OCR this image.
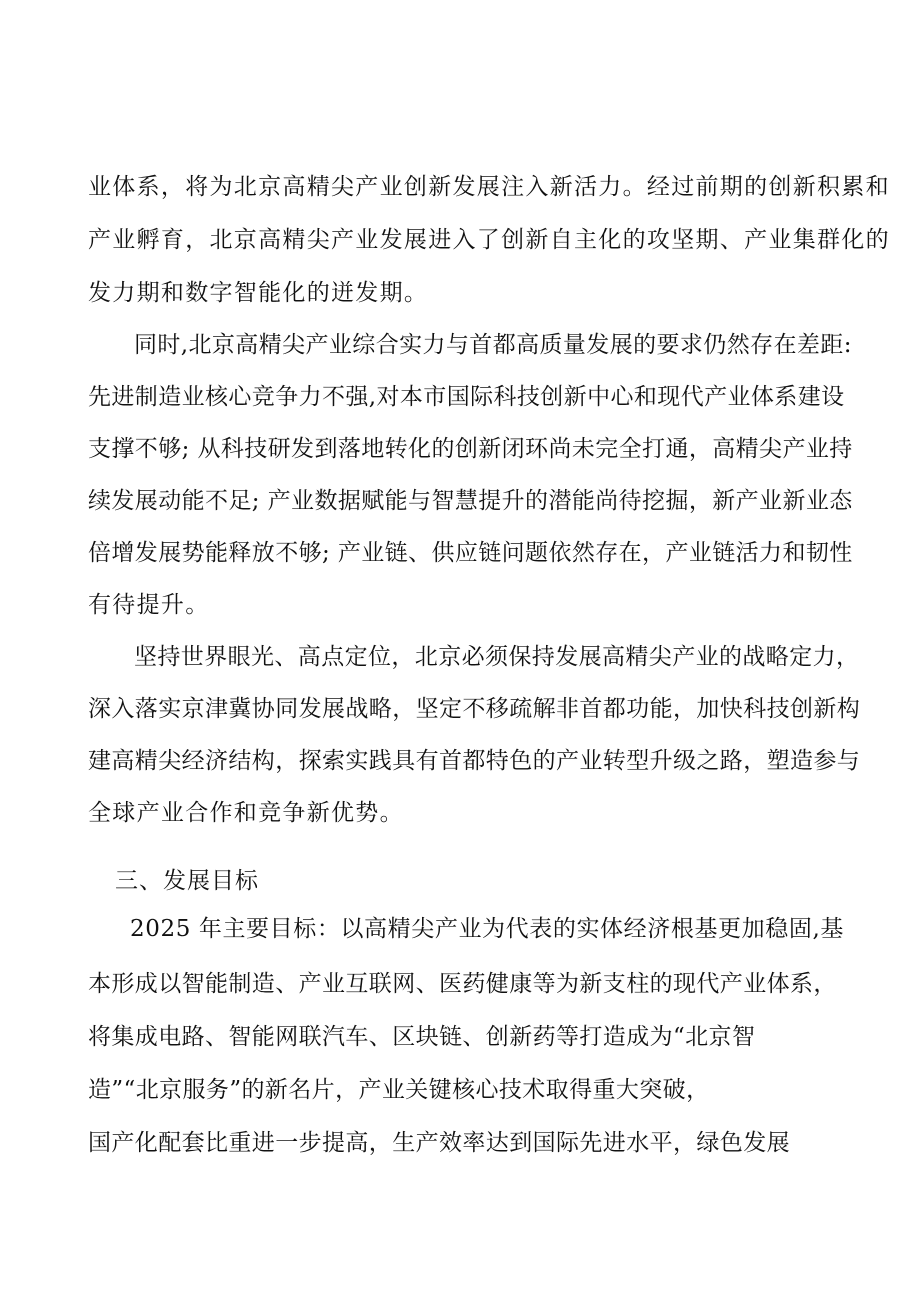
业体系，将为北京高精尖产业创新发展注入新活力。经过前期的创新积累和
产业孵育，北京高精尖产业发展进入了创新自主化的攻坚期、产业集群化的
发力期和数字智能化的迸发期。
同时,北京高精尖产业综合实力与首都高质量发展的要求仍然存在差距:
先进制造业核心竞争力不强,对本市国际科技创新中心和现代产业体系建设
支撑不够; 从科技研发到落地转化的创新闭环尚未完全打通，高精尖产业持
续发展动能不足; 产业数据赋能与智慧提升的潜能尚待挖掘，新产业新业态
倍增发展势能释放不够; 产业链、供应链问题依然存在，产业链活力和韧性
有待提升。
坚持世界眼光、高点定位，北京必须保持发展高精尖产业的战略定力，
深入落实京津冀协同发展战略，坚定不移疏解非首都功能，加快科技创新构
建高精尖经济结构，探索实践具有首都特色的产业转型升级之路，塑造参与
全球产业合作和竞争新优势。
三、发展目标
2025 年主要目标：以高精尖产业为代表的实体经济根基更加稳固,基
本形成以智能制造、产业互联网、医药健康等为新支柱的现代产业体系，
将集成电路、智能网联汽车、区块链、创新药等打造成为“北京智
造”“北京服务”的新名片，产业关键核心技术取得重大突破，
国产化配套比重进一步提高，生产效率达到国际先进水平，绿色发展
